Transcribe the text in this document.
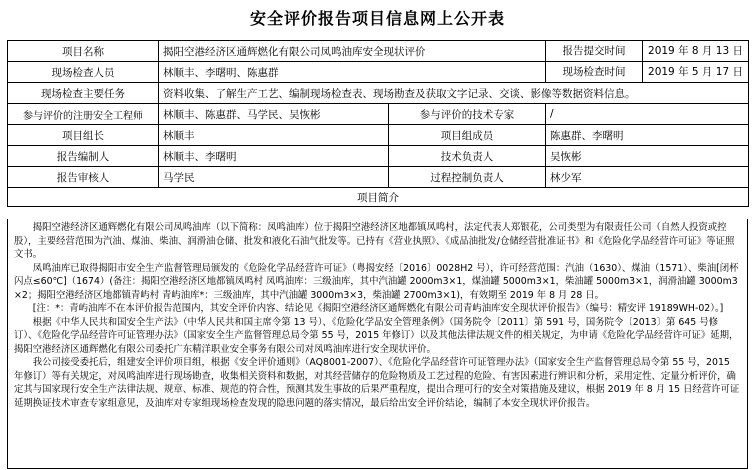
安全评价报告项目信息网上公开表
项目名称	揭阳空港经济区通辉燃化有限公司凤鸣油库安全现状评价		报告提交时间 2019 年 8 月 13 日

现场检查人员	林顺丰、李曙明、陈惠群		现场检查时间 2019 年 5 月 17 日

现场检查主要任务	资料收集、了解生产工艺、编制现场检查表、现场勘查及获取文字记录、交谈、影像等数据资料信息。		
参与评价的注册安全工程师	林顺丰、陈惠群、马学民、吴恢彬	参与评价的技术专家	/
项目组长	林顺丰	项目组成员	陈惠群、李曙明
报告编制人	林顺丰、李曙明	技术负责人	吴恢彬
报告审核人	马学民	过程控制负责人	林少军
项目简介			

揭阳空港经济区通辉燃化有限公司凤鸣油库（以下简称：凤鸣油库）位于揭阳空港经济区地都镇凤鸣村，法定代表人郑银花，公司类型为有限责任公司（自然人投资或控股），主要经营范围为汽油、煤油、柴油、润滑油仓储、批发和液化石油气批发等。已持有《营业执照》、《成品油批发/仓储经营批准证书》和《危险化学品经营许可证》等证照文书。

凤鸣油库已取得揭阳市安全生产监督管理局颁发的《危险化学品经营许可证》（粤揭安经〔2016〕0028H2 号），许可经营范围：汽油（1630）、煤油（1571）、柴油[闭杯闪点≤60℃]（1674）(备注：揭阳空港经济区地都镇凤鸣村 凤鸣油库：三级油库，其中汽油罐 2000m3×1，煤油罐 5000m3×1，柴油罐 5000m3×1，润滑油罐 3000m3×2；揭阳空港经济区地都镇青屿村 青屿油库*：三级油库，其中汽油罐 3000m3×3，柴油罐 2700m3×1)，有效期至 2019 年 8 月 28 日。

[注：*：青屿油库不在本评价报告范围内，其安全评价内容、结论见《揭阳空港经济区通辉燃化有限公司青屿油库安全现状评价报告》（编号：精安评 19189WH-02）。]

根据《中华人民共和国安全生产法》（中华人民共和国主席令第 13 号）、《危险化学品安全管理条例》（国务院令〔2011〕第 591 号，国务院令〔2013〕第 645 号修订）、《危险化学品经营许可证管理办法》（国家安全生产监督管理总局令第 55 号，2015 年修订）以及其他法律法规文件的相关规定，为申请《危险化学品经营许可证》延期，揭阳空港经济区通辉燃化有限公司委托广东精洋职业安全事务有限公司对凤鸣油库进行安全现状评价。

我公司接受委托后，组建安全评价项目组，根据《安全评价通则》（AQ8001-2007）、《危险化学品经营许可证管理办法》（国家安全生产监督管理总局令第 55 号，2015 年修订）等有关规定，对凤鸣油库进行现场勘查，收集相关资料和数据，对其经营储存的危险物质及工艺过程的危险、有害因素进行辨识和分析，采用定性、定量分析评价，确定其与国家现行安全生产法律法规、规章、标准、规范的符合性，预测其发生事故的后果严重程度，提出合理可行的安全对策措施及建议，根据 2019 年 8 月 15 日经营许可证延期换证技术审查专家组意见，及油库对专家组现场检查发现的隐患问题的落实情况，最后给出安全评价结论，编制了本安全现状评价报告。
